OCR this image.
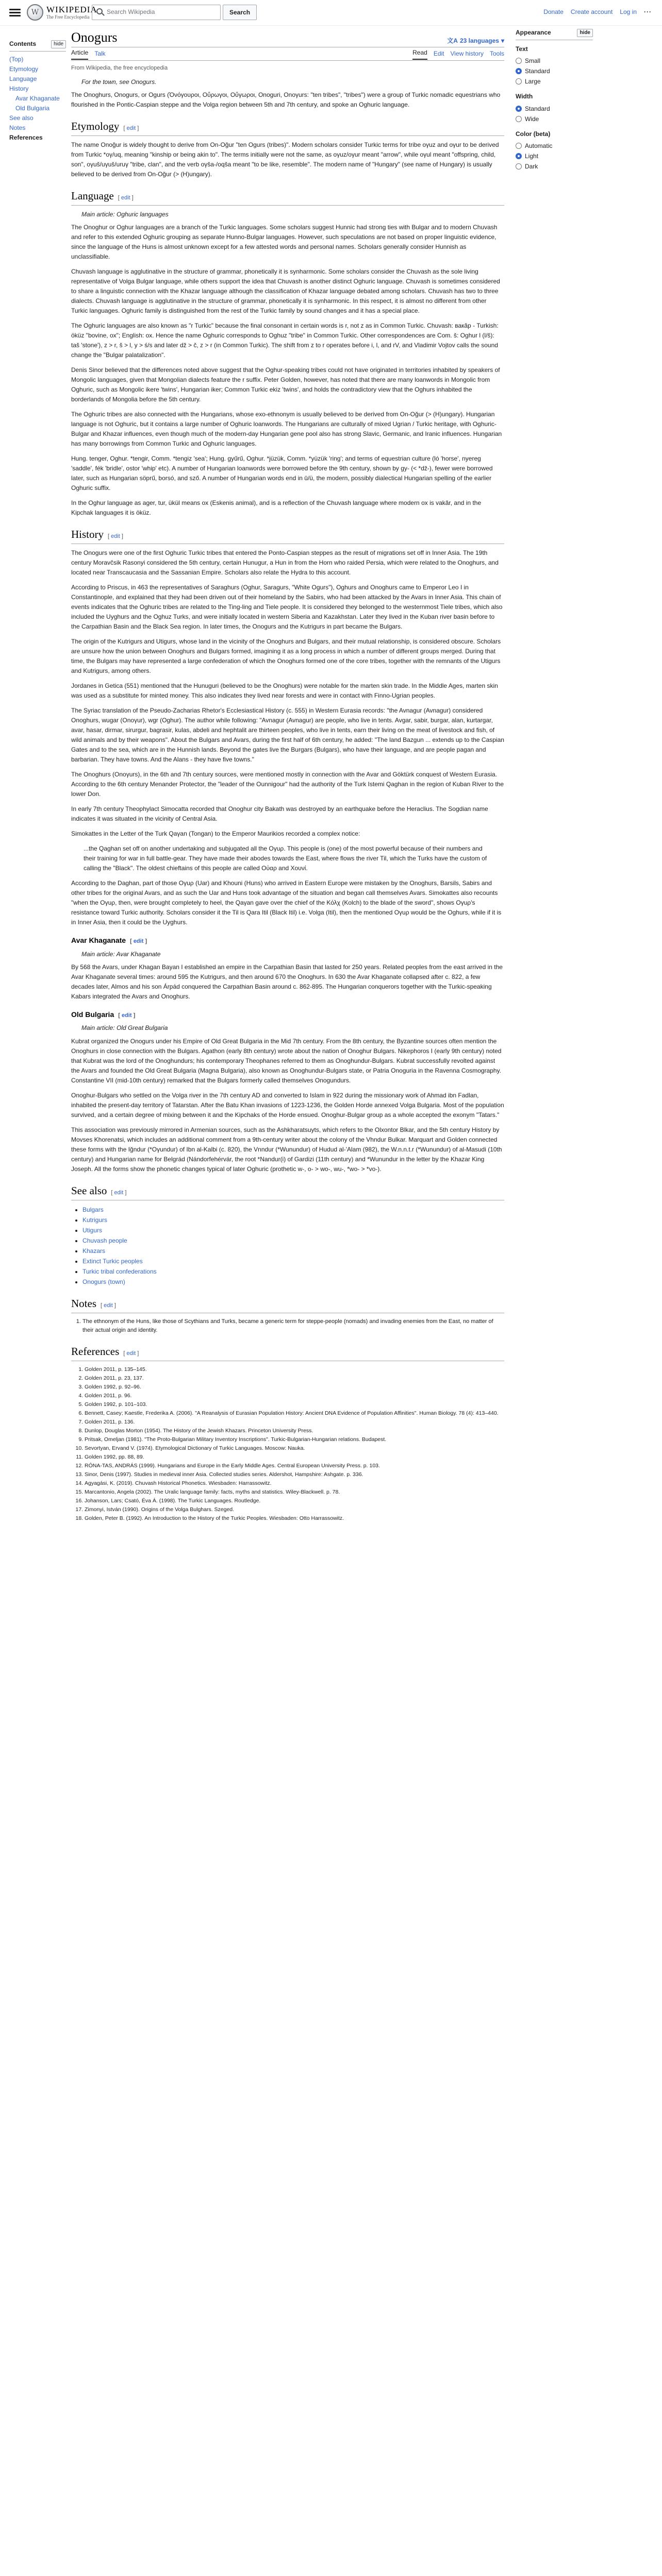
W WIKIPEDIA
The Free Encyclopedia
Search Wikipedia	Search	Donate Create account Log in ···
Contents	hide
(Top)
Etymology
Language
History
Avar Khaganate
Old Bulgaria
See also
Notes
References
Onogurs	文A 23 languages ▾
Article Talk	Read Edit View history Tools
From Wikipedia, the free encyclopedia
For the town, see Onogurs.

The Onoghurs, Onogurs, or Ogurs (Ὀνόγουροι, Οὔρωγοι, Οὔγωροι, Onoguri, Onoγurs: "ten tribes", "tribes") were a group of Turkic nomadic equestrians who flourished in the Pontic-Caspian steppe and the Volga region between 5th and 7th century, and spoke an Oghuric language.

Etymology [ edit ]

The name Onoğur is widely thought to derive from On-Oğur "ten Ogurs (tribes)". Modern scholars consider Turkic terms for tribe oγuz and oγur to be derived from Turkic *oγ/uq, meaning "kinship or being akin to". The terms initially were not the same, as oγuz/oγur meant "arrow", while oγul meant "offspring, child, son", oγuš/uγuš/uruγ "tribe, clan", and the verb oγša-/oqša meant "to be like, resemble". The modern name of "Hungary" (see name of Hungary) is usually believed to be derived from On-Oğur (> (H)ungary).

Language [ edit ]
Main article: Oghuric languages

The Onoghur or Oghur languages are a branch of the Turkic languages. Some scholars suggest Hunnic had strong ties with Bulgar and to modern Chuvash and refer to this extended Oghuric grouping as separate Hunno-Bulgar languages. However, such speculations are not based on proper linguistic evidence, since the language of the Huns is almost unknown except for a few attested words and personal names. Scholars generally consider Hunnish as unclassifiable.

Chuvash language is agglutinative in the structure of grammar, phonetically it is synharmonic. Some scholars consider the Chuvash as the sole living representative of Volga Bulgar language, while others support the idea that Chuvash is another distinct Oghuric language. Chuvash is sometimes considered to share a linguistic connection with the Khazar language although the classification of Khazar language debated among scholars. Chuvash has two to three dialects. Chuvash language is agglutinative in the structure of grammar, phonetically it is synharmonic. In this respect, it is almost no different from other Turkic languages. Oghuric family is distinguished from the rest of the Turkic family by sound changes and it has a special place.

The Oghuric languages are also known as "r Turkic" because the final consonant in certain words is r, not z as in Common Turkic. Chuvash: вакăр - Turkish: öküz "bovine, ox"; English: ox. Hence the name Oghuric corresponds to Oghuz "tribe" in Common Turkic. Other correspondences are Com. š: Oghur l (l/š): taš 'stone'), z > r, š > l, y > ś/s and later dž > č, z > r (in Common Turkic). The shift from z to r operates before i, l, and rV, and Vladimir Vojtov calls the sound change the "Bulgar palatalization".

Denis Sinor believed that the differences noted above suggest that the Oghur-speaking tribes could not have originated in territories inhabited by speakers of Mongolic languages, given that Mongolian dialects feature the r suffix. Peter Golden, however, has noted that there are many loanwords in Mongolic from Oghuric, such as Mongolic ikere 'twins', Hungarian iker; Common Turkic ekiz 'twins', and holds the contradictory view that the Oghurs inhabited the borderlands of Mongolia before the 5th century.

The Oghuric tribes are also connected with the Hungarians, whose exo-ethnonym is usually believed to be derived from On-Oğur (> (H)ungary). Hungarian language is not Oghuric, but it contains a large number of Oghuric loanwords. The Hungarians are culturally of mixed Ugrian / Turkic heritage, with Oghuric-Bulgar and Khazar influences, even though much of the modern-day Hungarian gene pool also has strong Slavic, Germanic, and Iranic influences. Hungarian has many borrowings from Common Turkic and Oghuric languages.

Hung. tenger, Oghur. *tengir, Comm. *tengiz 'sea'; Hung. gyűrű, Oghur. *jüzük, Comm. *yüzük 'ring'; and terms of equestrian culture (ló 'horse', nyereg 'saddle', fék 'bridle', ostor 'whip' etc). A number of Hungarian loanwords were borrowed before the 9th century, shown by gy- (< *dž-), fewer were borrowed later, such as Hungarian söprű, borsó, and sző. A number of Hungarian words end in ū/ü, the modern, possibly dialectical Hungarian spelling of the earlier Oghuric suffix.

In the Oghur language as ager, tur, ükül means ox (Eskenis animal), and is a reflection of the Chuvash language where modern ox is vakăr, and in the Kipchak languages it is öküz.

History [ edit ]

The Onogurs were one of the first Oghuric Turkic tribes that entered the Ponto-Caspian steppes as the result of migrations set off in Inner Asia. The 19th century Moravčsik Rasonyi considered the 5th century, certain Hunugur, a Hun in from the Horn who raided Persia, which were related to the Onoghurs, and located near Transcaucasia and the Sassanian Empire. Scholars also relate the Hydra to this account.

According to Priscus, in 463 the representatives of Saraghurs (Oghur, Saragurs, "White Ogurs"), Oghurs and Onoghurs came to Emperor Leo I in Constantinople, and explained that they had been driven out of their homeland by the Sabirs, who had been attacked by the Avars in Inner Asia. This chain of events indicates that the Oghuric tribes are related to the Ting-ling and Tiele people. It is considered they belonged to the westernmost Tiele tribes, which also included the Uyghurs and the Oghuz Turks, and were initially located in western Siberia and Kazakhstan. Later they lived in the Kuban river basin before to the Carpathian Basin and the Black Sea region. In later times, the Onogurs and the Kutrigurs in part became the Bulgars.

The origin of the Kutrigurs and Utigurs, whose land in the vicinity of the Onoghurs and Bulgars, and their mutual relationship, is considered obscure. Scholars are unsure how the union between Onoghurs and Bulgars formed, imagining it as a long process in which a number of different groups merged. During that time, the Bulgars may have represented a large confederation of which the Onoghurs formed one of the core tribes, together with the remnants of the Utigurs and Kutrigurs, among others.

Jordanes in Getica (551) mentioned that the Hunuguri (believed to be the Onoghurs) were notable for the marten skin trade. In the Middle Ages, marten skin was used as a substitute for minted money. This also indicates they lived near forests and were in contact with Finno-Ugrian peoples.

The Syriac translation of the Pseudo-Zacharias Rhetor's Ecclesiastical History (c. 555) in Western Eurasia records: "the Avnagur (Avnagur) considered Onoghurs, wugar (Onoγur), wgr (Oghur). The author while following: "Avnagur (Avnagur) are people, who live in tents. Avgar, sabir, burgar, alan, kurtargar, avar, hasar, dirmar, sirurgur, bagrasir, kulas, abdeli and hephtalit are thirteen peoples, who live in tents, earn their living on the meat of livestock and fish, of wild animals and by their weapons". About the Bulgars and Avars, during the first half of 6th century, he added: "The land Bazgun ... extends up to the Caspian Gates and to the sea, which are in the Hunnish lands. Beyond the gates live the Burgars (Bulgars), who have their language, and are people pagan and barbarian. They have towns. And the Alans - they have five towns."

The Onoghurs (Onoγurs), in the 6th and 7th century sources, were mentioned mostly in connection with the Avar and Göktürk conquest of Western Eurasia. According to the 6th century Menander Protector, the "leader of the Ounnigour" had the authority of the Turk Istemi Qaghan in the region of Kuban River to the lower Don.

In early 7th century Theophylact Simocatta recorded that Onoghur city Bakath was destroyed by an earthquake before the Heraclius. The Sogdian name indicates it was situated in the vicinity of Central Asia.

Simokattes in the Letter of the Turk Qaγan (Tongan) to the Emperor Maurikios recorded a complex notice:

...the Qaghan set off on another undertaking and subjugated all the Ογuρ. This people is (one) of the most powerful because of their numbers and their training for war in full battle-gear. They have made their abodes towards the East, where flows the river Til, which the Turks have the custom of calling the "Black". The oldest chieftains of this people are called Οὐαρ and Χουνί.

According to the Daghan, part of those Ογuρ (Uar) and Khouni (Huns) who arrived in Eastern Europe were mistaken by the Onoghurs, Barsils, Sabirs and other tribes for the original Avars, and as such the Uar and Huns took advantage of the situation and began call themselves Avars. Simokattes also recounts "when the Ογuρ, then, were brought completely to heel, the Qaγan gave over the chief of the Κόλχ (Kolch) to the blade of the sword", shows Ογuρ's resistance toward Turkic authority. Scholars consider it the Til is Qara Itil (Black Itil) i.e. Volga (Itil), then the mentioned Ογuρ would be the Oghurs, while if it is in Inner Asia, then it could be the Uyghurs.

Avar Khaganate [ edit ]
Main article: Avar Khaganate

By 568 the Avars, under Khagan Bayan I established an empire in the Carpathian Basin that lasted for 250 years. Related peoples from the east arrived in the Avar Khaganate several times: around 595 the Kutrigurs, and then around 670 the Onoghurs. In 630 the Avar Khaganate collapsed after c. 822, a few decades later, Almos and his son Árpád conquered the Carpathian Basin around c. 862-895. The Hungarian conquerors together with the Turkic-speaking Kabars integrated the Avars and Onoghurs.

Old Bulgaria [ edit ]
Main article: Old Great Bulgaria

Kubrat organized the Onogurs under his Empire of Old Great Bulgaria in the Mid 7th century. From the 8th century, the Byzantine sources often mention the Onoghurs in close connection with the Bulgars. Agathon (early 8th century) wrote about the nation of Onoghur Bulgars. Nikephoros I (early 9th century) noted that Kubrat was the lord of the Onoghundurs; his contemporary Theophanes referred to them as Onoghundur-Bulgars. Kubrat successfully revolted against the Avars and founded the Old Great Bulgaria (Magna Bulgaria), also known as Onoghundur-Bulgars state, or Patria Onoguria in the Ravenna Cosmography. Constantine VII (mid-10th century) remarked that the Bulgars formerly called themselves Onogundurs.

Onoghur-Bulgars who settled on the Volga river in the 7th century AD and converted to Islam in 922 during the missionary work of Ahmad ibn Fadlan, inhabited the present-day territory of Tatarstan. After the Batu Khan invasions of 1223-1236, the Golden Horde annexed Volga Bulgaria. Most of the population survived, and a certain degree of mixing between it and the Kipchaks of the Horde ensued. Onoghur-Bulgar group as a whole accepted the exonym "Tatars."

This association was previously mirrored in Armenian sources, such as the Ashkharatsuyts, which refers to the Olxontor Blkar, and the 5th century History by Movses Khorenatsi, which includes an additional comment from a 9th-century writer about the colony of the Vhndur Bulkar. Marquart and Golden connected these forms with the Iğndur (*Oγundur) of Ibn al-Kalbi (c. 820), the Vnndur (*Wunundur) of Hudud al-'Alam (982), the W.n.n.t.r (*Wunundur) of al-Masudi (10th century) and Hungarian name for Belgrád (Nándorfehérvár, the root *Nandur(i) of Gardizi (11th century) and *Wunundur in the letter by the Khazar King Joseph. All the forms show the phonetic changes typical of later Oghuric (prothetic w-, o- > wo-, wu-, *wo- > *vo-).

See also [ edit ]
• Bulgars
• Kutrigurs
• Utigurs
• Chuvash people
• Khazars
• Extinct Turkic peoples
• Turkic tribal confederations
• Onogurs (town)
Notes [ edit ]
1. The ethnonym of the Huns, like those of Scythians and Turks, became a generic term for steppe-people (nomads) and invading enemies from the East, no matter of their actual origin and identity.
References [ edit ]
1. Golden 2011, p. 135–145.
2. Golden 2011, p. 23, 137.
3. Golden 1992, p. 92–96.
4. Golden 2011, p. 96.
5. Golden 1992, p. 101–103.
6. Bennett, Casey; Kaestle, Frederika A. (2006). "A Reanalysis of Eurasian Population History: Ancient DNA Evidence of Population Affinities". Human Biology. 78 (4): 413–440.
7. Golden 2011, p. 136.
8. Dunlop, Douglas Morton (1954). The History of the Jewish Khazars. Princeton University Press.
9. Pritsak, Omeljan (1981). "The Proto-Bulgarian Military Inventory Inscriptions". Turkic-Bulgarian-Hungarian relations. Budapest.
10. Sevortyan, Ervand V. (1974). Etymological Dictionary of Turkic Languages. Moscow: Nauka.
11. Golden 1992, pp. 88, 89.
12. RÓNA-TAS, ANDRÁS (1999). Hungarians and Europe in the Early Middle Ages. Central European University Press. p. 103.
13. Sinor, Denis (1997). Studies in medieval inner Asia. Collected studies series. Aldershot, Hampshire: Ashgate. p. 336.
14. Agyagási, K. (2019). Chuvash Historical Phonetics. Wiesbaden: Harrassowitz.
15. Marcantonio, Angela (2002). The Uralic language family: facts, myths and statistics. Wiley-Blackwell. p. 78.
16. Johanson, Lars; Csató, Éva Á. (1998). The Turkic Languages. Routledge.
17. Zimonyi, István (1990). Origins of the Volga Bulghars. Szeged.
18. Golden, Peter B. (1992). An Introduction to the History of the Turkic Peoples. Wiesbaden: Otto Harrassowitz.
Appearance	hide
Text
Small
Standard
Large
Width
Standard
Wide
Color (beta)
Automatic
Light
Dark
